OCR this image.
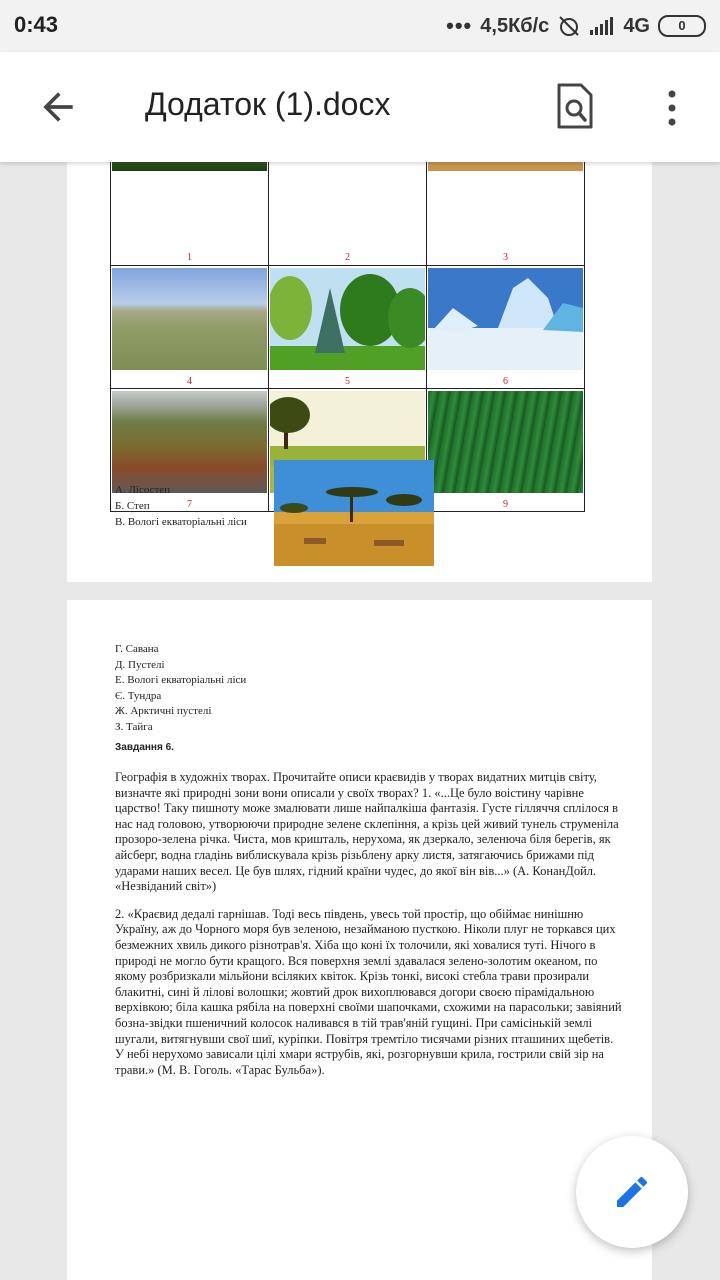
0:43	••• 4,5Кб/с	4G	0
Додаток (1).docx
1	2	3

4	5	6

7		9
А. Лісостеп
Б. Степ
В. Вологі екваторіальні ліси
Г. Савана
Д. Пустелі
Е. Вологі екваторіальні ліси
Є. Тундра
Ж. Арктичні пустелі
З. Тайга
Завдання 6.

Географія в художніх творах. Прочитайте описи краєвидів у творах видатних митців світу, визначте які природні зони вони описали у своїх творах? 1. «...Це було воістину чарівне царство! Таку пишноту може змалювати лише найпалкіша фантазія. Густе гілляччя сплілося в нас над головою, утворюючи природне зелене склепіння, а крізь цей живий тунель струменіла прозоро-зелена річка. Чиста, мов кришталь, нерухома, як дзеркало, зеленюча біля берегів, як айсберг, водна гладінь виблискувала крізь різьблену арку листя, затягаючись брижами під ударами наших весел. Це був шлях, гідний країни чудес, до якої він вів...» (А. КонанДойл. «Незвіданий світ»)

2. «Краєвид дедалі гарнішав. Тоді весь південь, увесь той простір, що обіймає нинішню Україну, аж до Чорного моря був зеленою, незайманою пусткою. Ніколи плуг не торкався цих безмежних хвиль дикого різнотрав'я. Хіба що коні їх толочили, які ховалися туті. Нічого в природі не могло бути кращого. Вся поверхня землі здавалася зелено-золотим океаном, по якому розбризкали мільйони всіляких квіток. Крізь тонкі, високі стебла трави прозирали блакитні, сині й лілові волошки; жовтий дрок вихоплювався догори своєю пірамідальною верхівкою; біла кашка рябіла на поверхні своїми шапочками, схожими на парасольки; завіяний бозна-звідки пшеничний колосок наливався в тій трав'яній гущині. При самісінькій землі шугали, витягнувши свої шиї, куріпки. Повітря тремтіло тисячами різних пташиних щебетів. У небі нерухомо зависали цілі хмари яструбів, які, розгорнувши крила, гострили свій зір на трави.» (М. В. Гоголь. «Тарас Бульба»).
